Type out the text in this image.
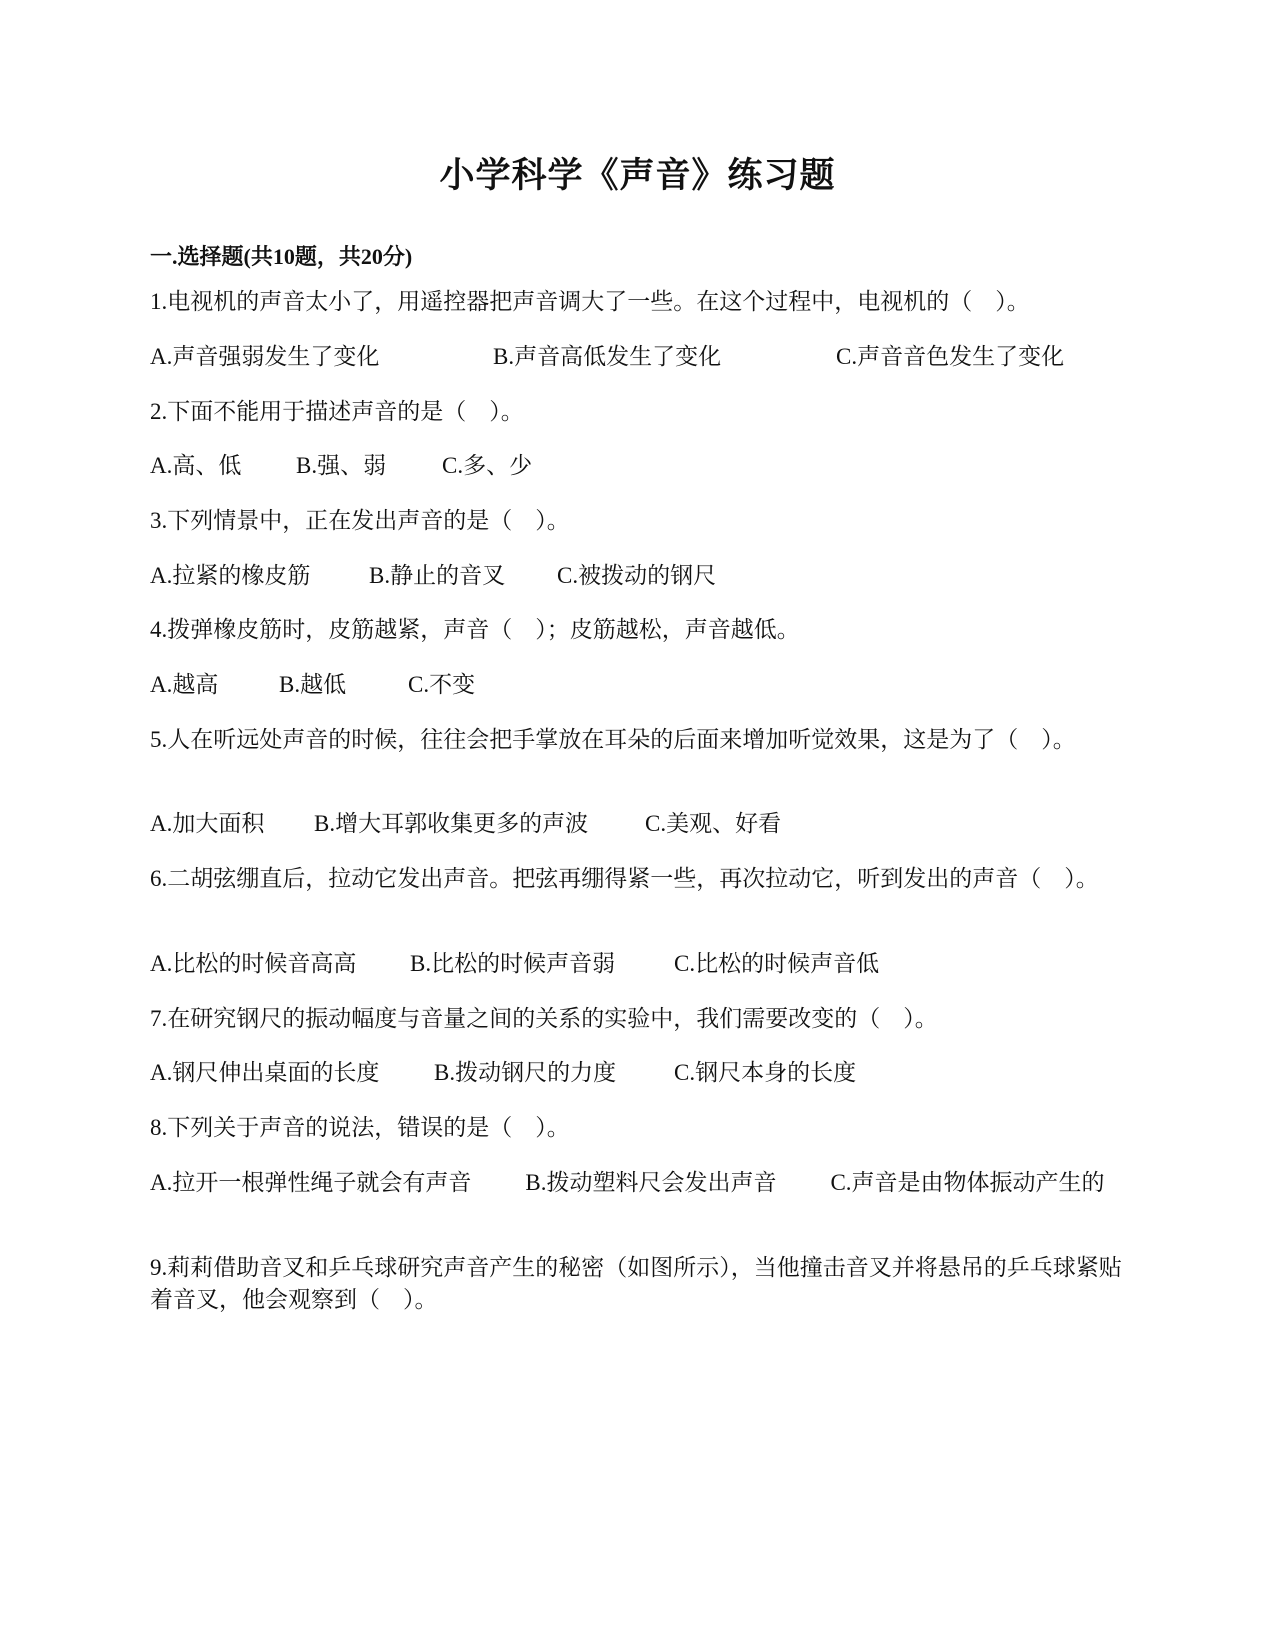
小学科学《声音》练习题
一.选择题(共10题，共20分)
1.电视机的声音太小了，用遥控器把声音调大了一些。在这个过程中，电视机的（　）。
A.声音强弱发生了变化	B.声音高低发生了变化	C.声音音色发生了变化
2.下面不能用于描述声音的是（　）。
A.高、低 B.强、弱 C.多、少
3.下列情景中，正在发出声音的是（　）。
A.拉紧的橡皮筋	B.静止的音叉 C.被拨动的钢尺
4.拨弹橡皮筋时，皮筋越紧，声音（　）；皮筋越松，声音越低。
A.越高	B.越低	C.不变
5.人在听远处声音的时候，往往会把手掌放在耳朵的后面来增加听觉效果，这是为了（　）。
A.加大面积 B.增大耳郭收集更多的声波 C.美观、好看
6.二胡弦绷直后，拉动它发出声音。把弦再绷得紧一些，再次拉动它，听到发出的声音（　）。
A.比松的时候音高高 B.比松的时候声音弱	C.比松的时候声音低
7.在研究钢尺的振动幅度与音量之间的关系的实验中，我们需要改变的（　）。
A.钢尺伸出桌面的长度 B.拨动钢尺的力度	C.钢尺本身的长度
8.下列关于声音的说法，错误的是（　）。
A.拉开一根弹性绳子就会有声音 B.拨动塑料尺会发出声音 C.声音是由物体振动产生的
9.莉莉借助音叉和乒乓球研究声音产生的秘密（如图所示），当他撞击音叉并将悬吊的乒乓球紧贴着音叉，他会观察到（　）。
